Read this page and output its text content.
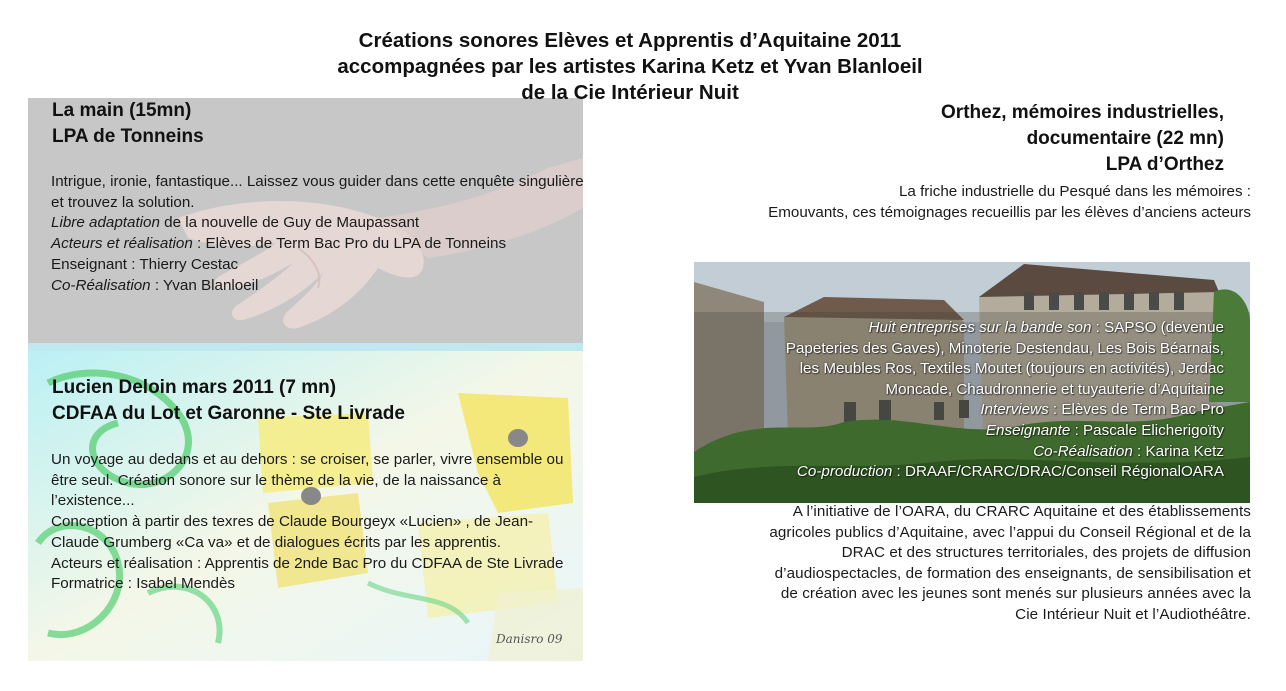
Créations sonores Elèves et Apprentis d’Aquitaine 2011
accompagnées par les artistes Karina Ketz et Yvan Blanloeil
de la Cie Intérieur Nuit
La main (15mn)
LPA de Tonneins
Intrigue, ironie, fantastique... Laissez vous guider dans cette enquête singulière et trouvez la solution.
Libre adaptation de la nouvelle de Guy de Maupassant
Acteurs et réalisation : Elèves de Term Bac Pro du LPA de Tonneins
Enseignant : Thierry Cestac
Co-Réalisation : Yvan Blanloeil
Lucien Deloin mars 2011 (7 mn)
CDFAA du Lot et Garonne - Ste Livrade
Un voyage au dedans et au dehors : se croiser, se parler, vivre ensemble ou être seul. Création sonore sur le thème de la vie, de la naissance à l’existence...
Conception à partir des texres de Claude Bourgeyx «Lucien» , de Jean-Claude Grumberg «Ca va» et de dialogues écrits par les apprentis.
Acteurs et réalisation : Apprentis de 2nde Bac Pro du CDFAA de Ste Livrade
Formatrice : Isabel Mendès
Danisro 09
Orthez, mémoires industrielles,
documentaire (22 mn)
LPA d’Orthez
La friche industrielle du Pesqué dans les mémoires :
Emouvants, ces témoignages recueillis par les élèves d’anciens acteurs
Huit entreprises sur la bande son : SAPSO (devenue
Papeteries des Gaves), Minoterie Destendau, Les Bois Béarnais,
les Meubles Ros, Textiles Moutet (toujours en activités), Jerdac
Moncade, Chaudronnerie et tuyauterie d’Aquitaine
Interviews : Elèves de Term Bac Pro
Enseignante : Pascale Elicherigoïty
Co-Réalisation : Karina Ketz
Co-production : DRAAF/CRARC/DRAC/Conseil RégionalOARA
A l’initiative de l’OARA, du CRARC Aquitaine et des établissements
agricoles publics d’Aquitaine, avec l’appui du Conseil Régional et de la
DRAC et des structures territoriales, des projets de diffusion
d’audiospectacles, de formation des enseignants, de sensibilisation et
de création avec les jeunes sont menés sur plusieurs années avec la
Cie Intérieur Nuit et l’Audiothéâtre.
